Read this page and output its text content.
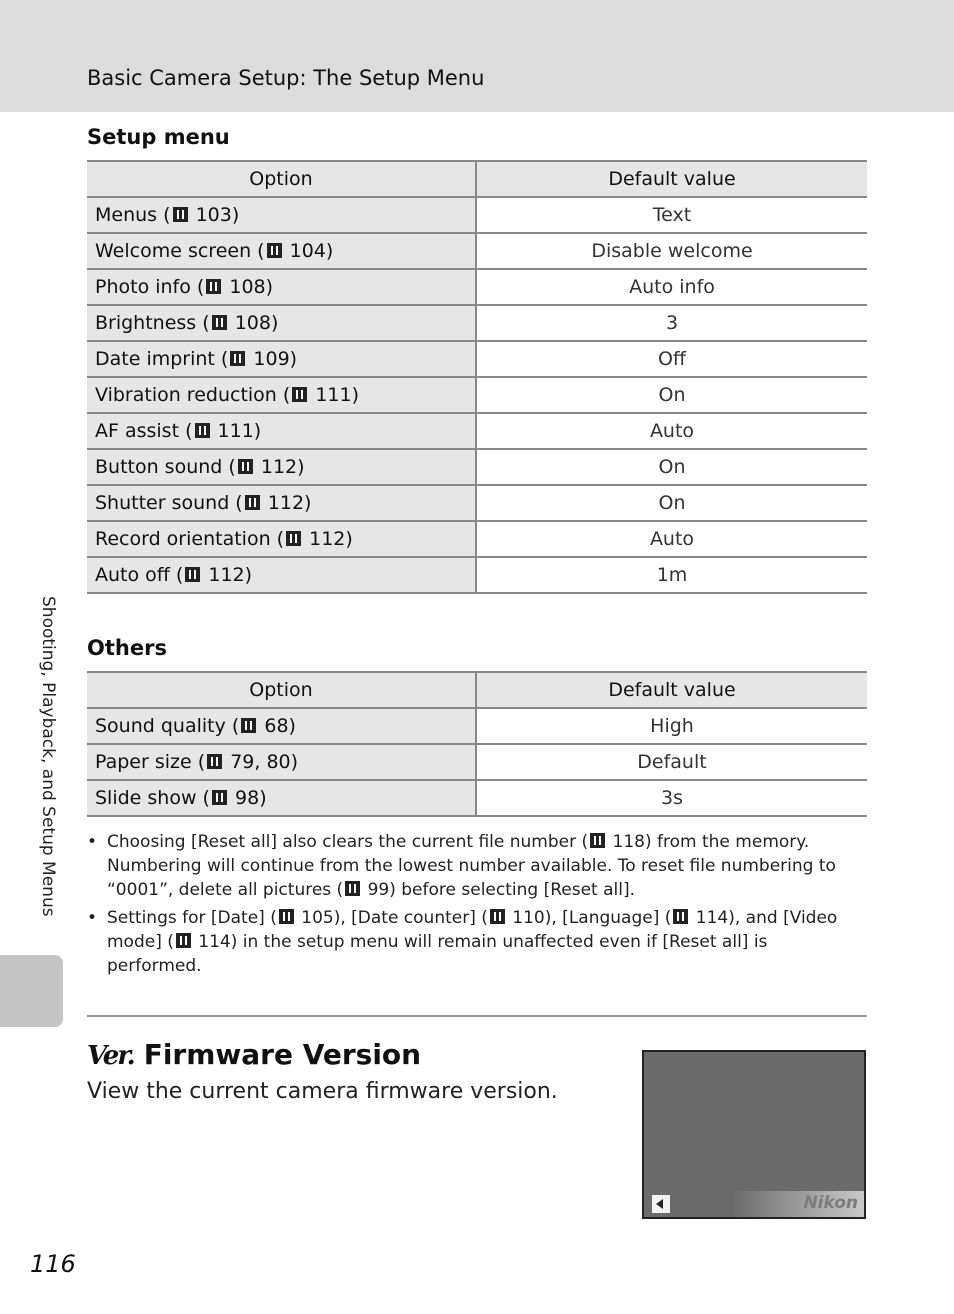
Basic Camera Setup: The Setup Menu
Setup menu
Option	Default value
Menus ( 103)	Text
Welcome screen ( 104)	Disable welcome
Photo info ( 108)	Auto info
Brightness ( 108)	3
Date imprint ( 109)	Off
Vibration reduction ( 111)	On
AF assist ( 111)	Auto
Button sound ( 112)	On
Shutter sound ( 112)	On
Record orientation ( 112)	Auto
Auto off ( 112)	1m
Others
Option	Default value
Sound quality ( 68)	High
Paper size ( 79, 80)	Default
Slide show ( 98)	3s
• Choosing [Reset all] also clears the current file number ( 118) from the memory. Numbering will continue from the lowest number available. To reset file numbering to “0001”, delete all pictures ( 99) before selecting [Reset all].
• Settings for [Date] ( 105), [Date counter] ( 110), [Language] ( 114), and [Video mode] ( 114) in the setup menu will remain unaffected even if [Reset all] is performed.
Ver. Firmware Version
View the current camera firmware version.
Nikon
Shooting, Playback, and Setup Menus
116
